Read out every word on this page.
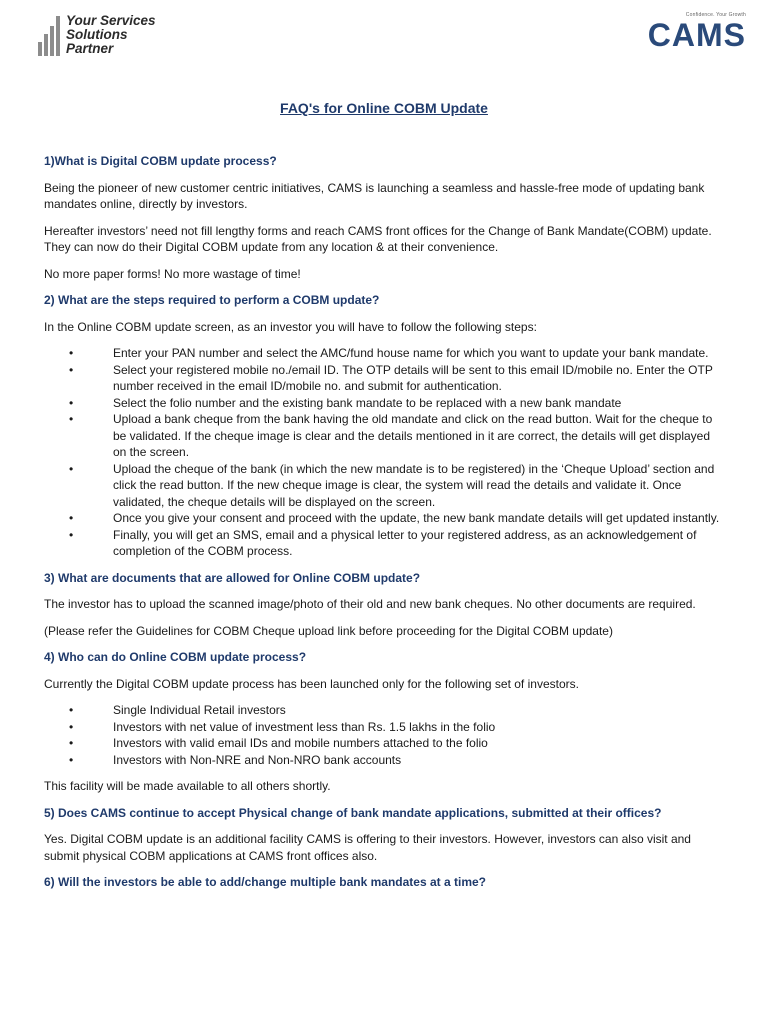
Your Services
Solutions
Partner
Confidence. Your Growth
CAMS
FAQ's for Online COBM Update
1)What is Digital COBM update process?
Being the pioneer of new customer centric initiatives, CAMS is launching a seamless and hassle-free mode of updating bank mandates online, directly by investors.
Hereafter investors’ need not fill lengthy forms and reach CAMS front offices for the Change of Bank Mandate(COBM) update. They can now do their Digital COBM update from any location & at their convenience.
No more paper forms! No more wastage of time!
2) What are the steps required to perform a COBM update?
In the Online COBM update screen, as an investor you will have to follow the following steps:
•	Enter your PAN number and select the AMC/fund house name for which you want to update your bank mandate.
•	Select your registered mobile no./email ID. The OTP details will be sent to this email ID/mobile no. Enter the OTP number received in the email ID/mobile no. and submit for authentication.
•	Select the folio number and the existing bank mandate to be replaced with a new bank mandate
•	Upload a bank cheque from the bank having the old mandate and click on the read button. Wait for the cheque to be validated. If the cheque image is clear and the details mentioned in it are correct, the details will get displayed on the screen.
•	Upload the cheque of the bank (in which the new mandate is to be registered) in the ‘Cheque Upload’ section and click the read button. If the new cheque image is clear, the system will read the details and validate it. Once validated, the cheque details will be displayed on the screen.
•	Once you give your consent and proceed with the update, the new bank mandate details will get updated instantly.
•	Finally, you will get an SMS, email and a physical letter to your registered address, as an acknowledgement of completion of the COBM process.
3) What are documents that are allowed for Online COBM update?
The investor has to upload the scanned image/photo of their old and new bank cheques. No other documents are required.
(Please refer the Guidelines for COBM Cheque upload link before proceeding for the Digital COBM update)
4) Who can do Online COBM update process?
Currently the Digital COBM update process has been launched only for the following set of investors.
•	Single Individual Retail investors
•	Investors with net value of investment less than Rs. 1.5 lakhs in the folio
•	Investors with valid email IDs and mobile numbers attached to the folio
•	Investors with Non-NRE and Non-NRO bank accounts
This facility will be made available to all others shortly.
5) Does CAMS continue to accept Physical change of bank mandate applications, submitted at their offices?
Yes. Digital COBM update is an additional facility CAMS is offering to their investors. However, investors can also visit and submit physical COBM applications at CAMS front offices also.
6) Will the investors be able to add/change multiple bank mandates at a time?
